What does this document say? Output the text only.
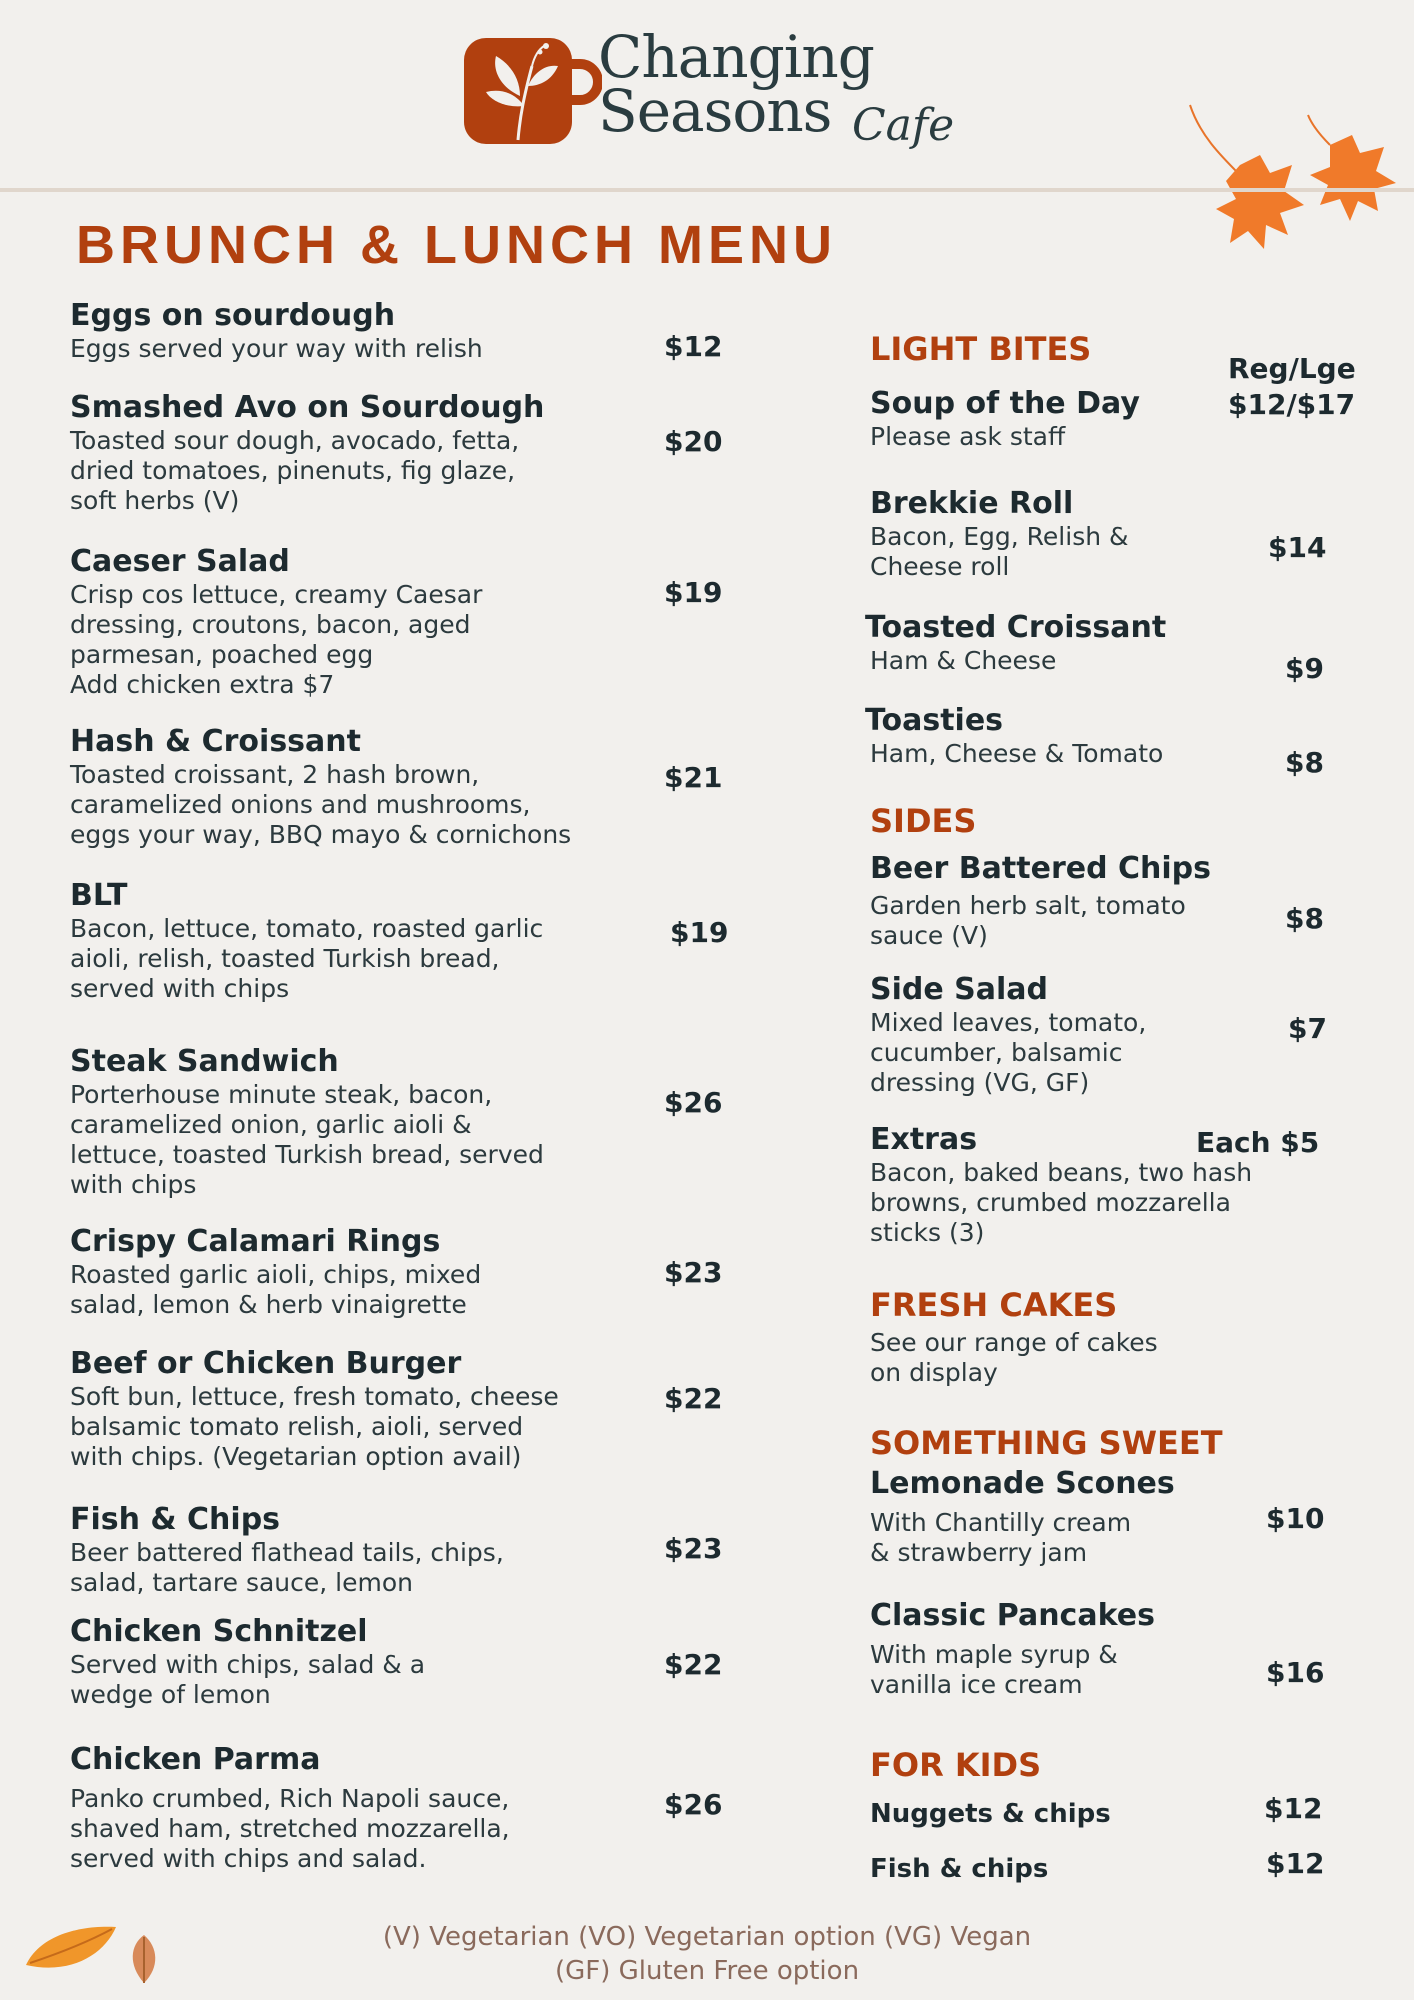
Changing
Seasons Cafe
BRUNCH & LUNCH MENU
Eggs on sourdough
Eggs served your way with relish	$12
Smashed Avo on Sourdough
Toasted sour dough, avocado, fetta,
dried tomatoes, pinenuts, fig glaze,
soft herbs (V)
$20
Caeser Salad
Crisp cos lettuce, creamy Caesar
dressing, croutons, bacon, aged
parmesan, poached egg
Add chicken extra $7
$19
Hash & Croissant
Toasted croissant, 2 hash brown,
caramelized onions and mushrooms,
eggs your way, BBQ mayo & cornichons
$21
BLT
Bacon, lettuce, tomato, roasted garlic
aioli, relish, toasted Turkish bread,
served with chips
$19
Steak Sandwich
Porterhouse minute steak, bacon,
caramelized onion, garlic aioli &
lettuce, toasted Turkish bread, served
with chips
$26
Crispy Calamari Rings
Roasted garlic aioli, chips, mixed
salad, lemon & herb vinaigrette
$23
Beef or Chicken Burger
Soft bun, lettuce, fresh tomato, cheese
balsamic tomato relish, aioli, served
with chips. (Vegetarian option avail)
$22
Fish & Chips
Beer battered flathead tails, chips,
salad, tartare sauce, lemon
$23
Chicken Schnitzel
Served with chips, salad & a
wedge of lemon
$22
Chicken Parma
Panko crumbed, Rich Napoli sauce,
shaved ham, stretched mozzarella,
served with chips and salad.
$26
LIGHT BITES
Reg/Lge
Soup of the Day
Please ask staff
$12/$17
Brekkie Roll
Bacon, Egg, Relish &
Cheese roll
$14
Toasted Croissant
Ham & Cheese	$9
Toasties
Ham, Cheese & Tomato	$8
SIDES
Beer Battered Chips
Garden herb salt, tomato
sauce (V)
$8
Side Salad
Mixed leaves, tomato,
cucumber, balsamic
dressing (VG, GF)
$7
Extras
Bacon, baked beans, two hash
browns, crumbed mozzarella
sticks (3)
Each $5
FRESH CAKES
See our range of cakes
on display
SOMETHING SWEET
Lemonade Scones
With Chantilly cream
& strawberry jam
$10
Classic Pancakes
With maple syrup &
vanilla ice cream	$16
FOR KIDS
Nuggets & chips	$12
Fish & chips	$12
(V) Vegetarian (VO) Vegetarian option (VG) Vegan
(GF) Gluten Free option
